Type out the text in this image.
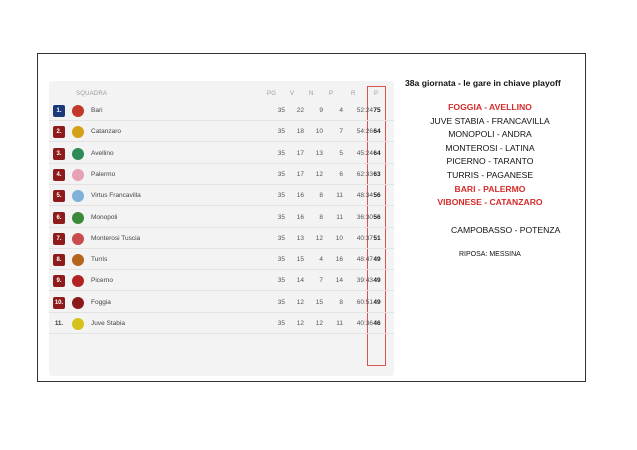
SQUADRA	PG V N	P	R	P
1.	Bari	35	22	9	4	52:24 75
2.	Catanzaro	35	18	10	7	54:26 64
3.	Avellino	35	17	13	5	45:24 64
4.	Palermo	35	17	12	6	62:33 63
5.	Virtus Francavilla	35	16	8	11	48:34 56
6.	Monopoli	35	16	8	11	36:30 56
7.	Monterosi Tuscia	35	13	12	10	40:37 51
8.	Turris	35	15	4	16	48:47 49
9.	Picerno	35	14	7	14	39:43 49
10.	Foggia	35	12	15	8	60:51 49
11.	Juve Stabia	35	12	12	11	40:36 46
38a giornata - le gare in chiave playoff
FOGGIA - AVELLINO
JUVE STABIA - FRANCAVILLA
MONOPOLI - ANDRA
MONTEROSI - LATINA
PICERNO - TARANTO
TURRIS - PAGANESE
BARI - PALERMO
VIBONESE - CATANZARO
CAMPOBASSO - POTENZA
RIPOSA: MESSINA
